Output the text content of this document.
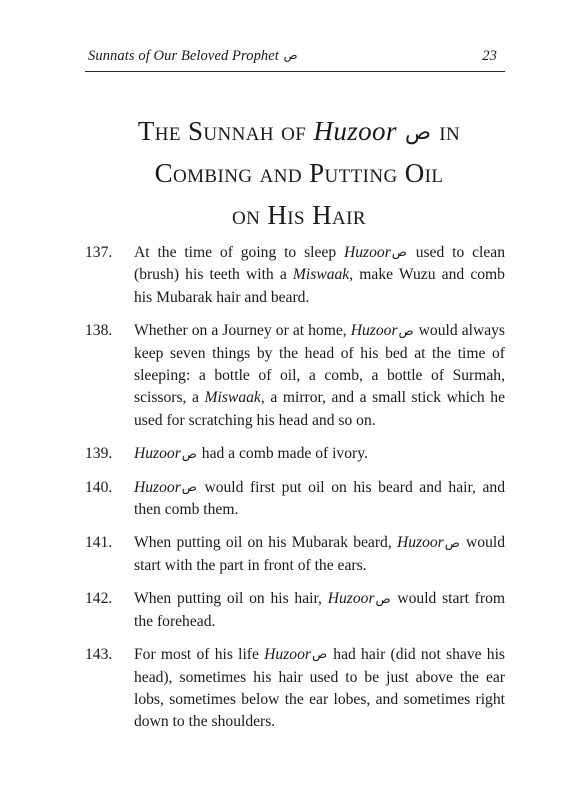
Sunnats of Our Beloved Prophet ص	23
The Sunnah of Huzoor ص in
Combing and Putting Oil
on His Hair
137. At the time of going to sleep Huzoorص used to clean (brush) his teeth with a Miswaak, make Wuzu and comb his Mubarak hair and beard.
138. Whether on a Journey or at home, Huzoorص would always keep seven things by the head of his bed at the time of sleeping: a bottle of oil, a comb, a bottle of Surmah, scissors, a Miswaak, a mirror, and a small stick which he used for scratching his head and so on.
139. Huzoorص had a comb made of ivory.
140. Huzoorص would first put oil on his beard and hair, and then comb them.
141. When putting oil on his Mubarak beard, Huzoorص would start with the part in front of the ears.
142. When putting oil on his hair, Huzoorص would start from the forehead.
143. For most of his life Huzoorص had hair (did not shave his head), sometimes his hair used to be just above the ear lobs, sometimes below the ear lobes, and sometimes right down to the shoulders.
